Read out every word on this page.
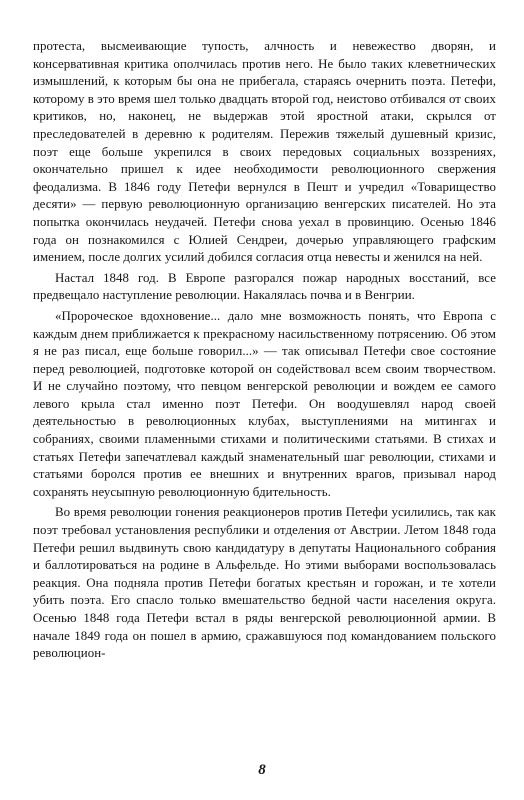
протеста, высмеивающие тупость, алчность и невежество дворян, и консервативная критика ополчилась против него. Не было таких клеветнических измышлений, к которым бы она не прибегала, стараясь очернить поэта. Петефи, которому в это время шел только двадцать второй год, неистово отбивался от своих критиков, но, наконец, не выдержав этой яростной атаки, скрылся от преследователей в деревню к родителям. Пережив тяжелый душевный кризис, поэт еще больше укрепился в своих передовых социальных воззрениях, окончательно пришел к идее необходимости революционного свержения феодализма. В 1846 году Петефи вернулся в Пешт и учредил «Товарищество десяти» — первую революционную организацию венгерских писателей. Но эта попытка окончилась неудачей. Петефи снова уехал в провинцию. Осенью 1846 года он познакомился с Юлией Сендреи, дочерью управляющего графским имением, после долгих усилий добился согласия отца невесты и женился на ней.

Настал 1848 год. В Европе разгорался пожар народных восстаний, все предвещало наступление революции. Накалялась почва и в Венгрии.

«Пророческое вдохновение... дало мне возможность понять, что Европа с каждым днем приближается к прекрасному насильственному потрясению. Об этом я не раз писал, еще больше говорил...» — так описывал Петефи свое состояние перед революцией, подготовке которой он содействовал всем своим творчеством. И не случайно поэтому, что певцом венгерской революции и вождем ее самого левого крыла стал именно поэт Петефи. Он воодушевлял народ своей деятельностью в революционных клубах, выступлениями на митингах и собраниях, своими пламенными стихами и политическими статьями. В стихах и статьях Петефи запечатлевал каждый знаменательный шаг революции, стихами и статьями боролся против ее внешних и внутренних врагов, призывал народ сохранять неусыпную революционную бдительность.

Во время революции гонения реакционеров против Петефи усилились, так как поэт требовал установления республики и отделения от Австрии. Летом 1848 года Петефи решил выдвинуть свою кандидатуру в депутаты Национального собрания и баллотироваться на родине в Альфельде. Но этими выборами воспользовалась реакция. Она подняла против Петефи богатых крестьян и горожан, и те хотели убить поэта. Его спасло только вмешательство бедной части населения округа. Осенью 1848 года Петефи встал в ряды венгерской революционной армии. В начале 1849 года он пошел в армию, сражавшуюся под командованием польского революцион-

8
